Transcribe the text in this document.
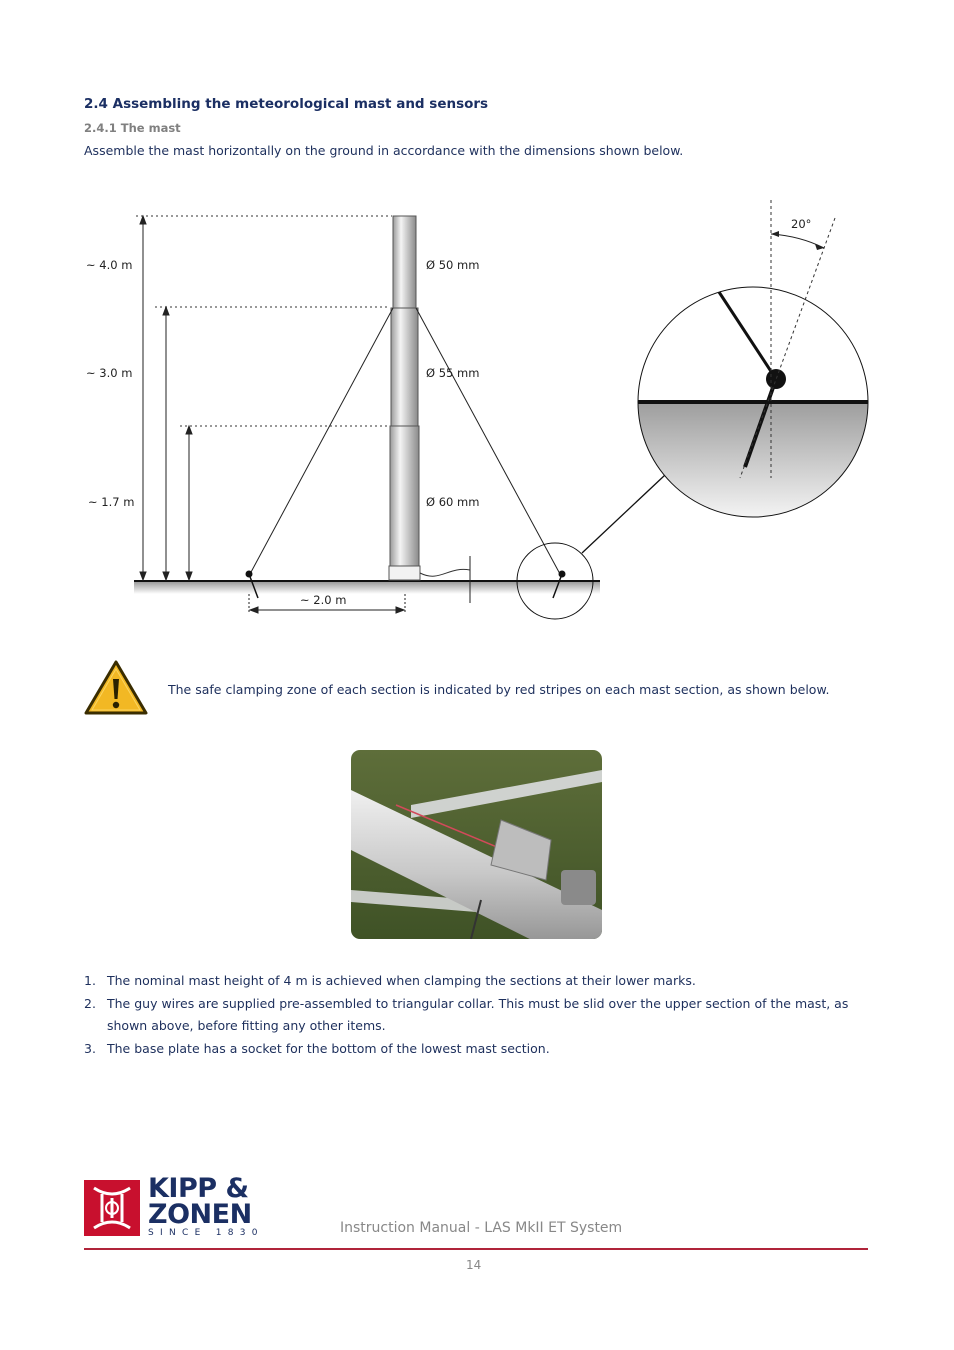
2.4 Assembling the meteorological mast and sensors
2.4.1 The mast
Assemble the mast horizontally on the ground in accordance with the dimensions shown below.
~ 4.0 m
~ 3.0 m
~ 1.7 m
Ø 50 mm
Ø 55 mm
Ø 60 mm
~ 2.0 m
20°
The safe clamping zone of each section is indicated by red stripes on each mast section, as shown below.
1. The nominal mast height of 4 m is achieved when clamping the sections at their lower marks.
2. The guy wires are supplied pre-assembled to triangular collar. This must be slid over the upper section of the mast, as shown above, before fitting any other items.
3. The base plate has a socket for the bottom of the lowest mast section.
KIPP &
ZONEN
SINCE 1830	Instruction Manual - LAS MkII ET System
14
